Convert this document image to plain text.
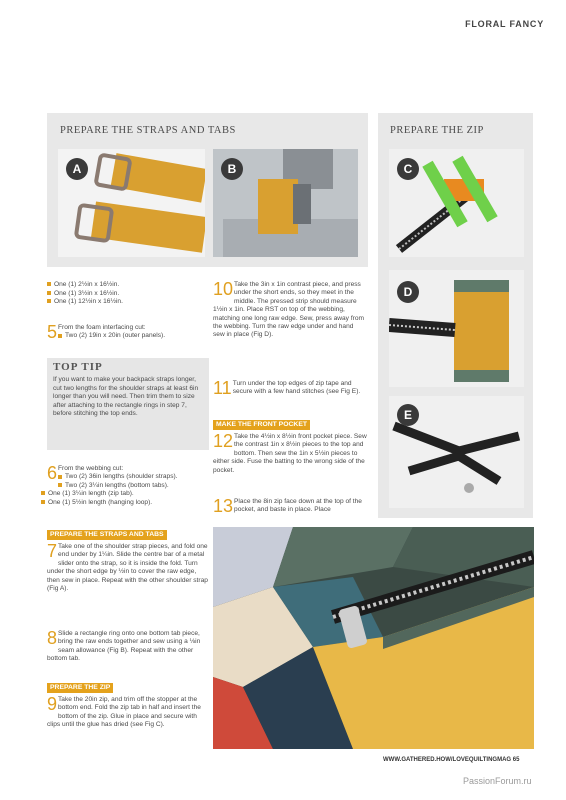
FLORAL FANCY
PREPARE THE STRAPS AND TABS	PREPARE THE ZIP
A	B	C
D
E
One (1) 2½in x 16½in.
One (1) 3½in x 16½in.
One (1) 12½in x 16½in.
5 From the foam interfacing cut:
Two (2) 19in x 20in (outer panels).
TOP TIP
If you want to make your backpack straps longer, cut two lengths for the shoulder straps at least 6in longer than you will need. Then trim them to size after attaching to the rectangle rings in step 7, before stitching the top ends.
6 From the webbing cut:
Two (2) 36in lengths (shoulder straps).
Two (2) 3¼in lengths (bottom tabs).
One (1) 3¼in length (zip tab).
One (1) 5½in length (hanging loop).
PREPARE THE STRAPS AND TABS
7 Take one of the shoulder strap pieces, and fold one end under by 1¼in. Slide the centre bar of a metal slider onto the strap, so it is inside the fold. Turn under the short edge by ½in to cover the raw edge, then sew in place. Repeat with the other shoulder strap (Fig A).
8 Slide a rectangle ring onto one bottom tab piece, bring the raw ends together and sew using a ⅛in seam allowance (Fig B). Repeat with the other bottom tab.
PREPARE THE ZIP
9 Take the 20in zip, and trim off the stopper at the bottom end. Fold the zip tab in half and insert the bottom of the zip. Glue in place and secure with clips until the glue has dried (see Fig C).
10 Take the 3in x 1in contrast piece, and press under the short ends, so they meet in the middle. The pressed strip should measure 1½in x 1in. Place RST on top of the webbing, matching one long raw edge. Sew, press away from the webbing. Turn the raw edge under and hand sew in place (Fig D).
11 Turn under the top edges of zip tape and secure with a few hand stitches (see Fig E).
MAKE THE FRONT POCKET
12 Take the 4½in x 8½in front pocket piece. Sew the contrast 1in x 8½in pieces to the top and bottom. Then sew the 1in x 5½in pieces to either side. Fuse the batting to the wrong side of the pocket.
13 Place the 8in zip face down at the top of the pocket, and baste in place. Place
WWW.GATHERED.HOW/LOVEQUILTINGMAG 65
PassionForum.ru
